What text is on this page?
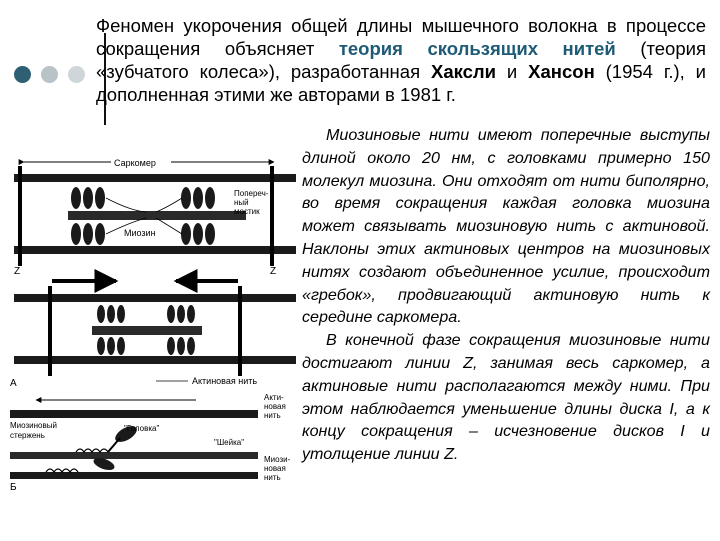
Феномен укорочения общей длины мышечного волокна в процессе сокращения объясняет теория скользящих нитей (теория «зубчатого колеса»), разработанная Хаксли и Хансон (1954 г.), и дополненная этими же авторами в 1981 г.

Миозиновые нити имеют поперечные выступы длиной около 20 нм, с головками примерно 150 молекул миозина. Они отходят от нити биполярно, во время сокращения каждая головка миозина может связывать миозиновую нить с актиновой. Наклоны этих актиновых центров на миозиновых нитях создают объединенное усилие, происходит «гребок», продвигающий актиновую нить к середине саркомера.

В конечной фазе сокращения миозиновые нити достигают линии Z, занимая весь саркомер, а актиновые нити располагаются между ними. При этом наблюдается уменьшение длины диска I, а к концу сокращения – исчезновение дисков I и утолщение линии Z.

Саркомер
Попереч-
ный
мостик
Миозин
Z	Z
А	Актиновая нить
Акти-
новая
нить
Миозиновый
стержень
"Головка"
"Шейка"
Миози-
новая
нить
Б
